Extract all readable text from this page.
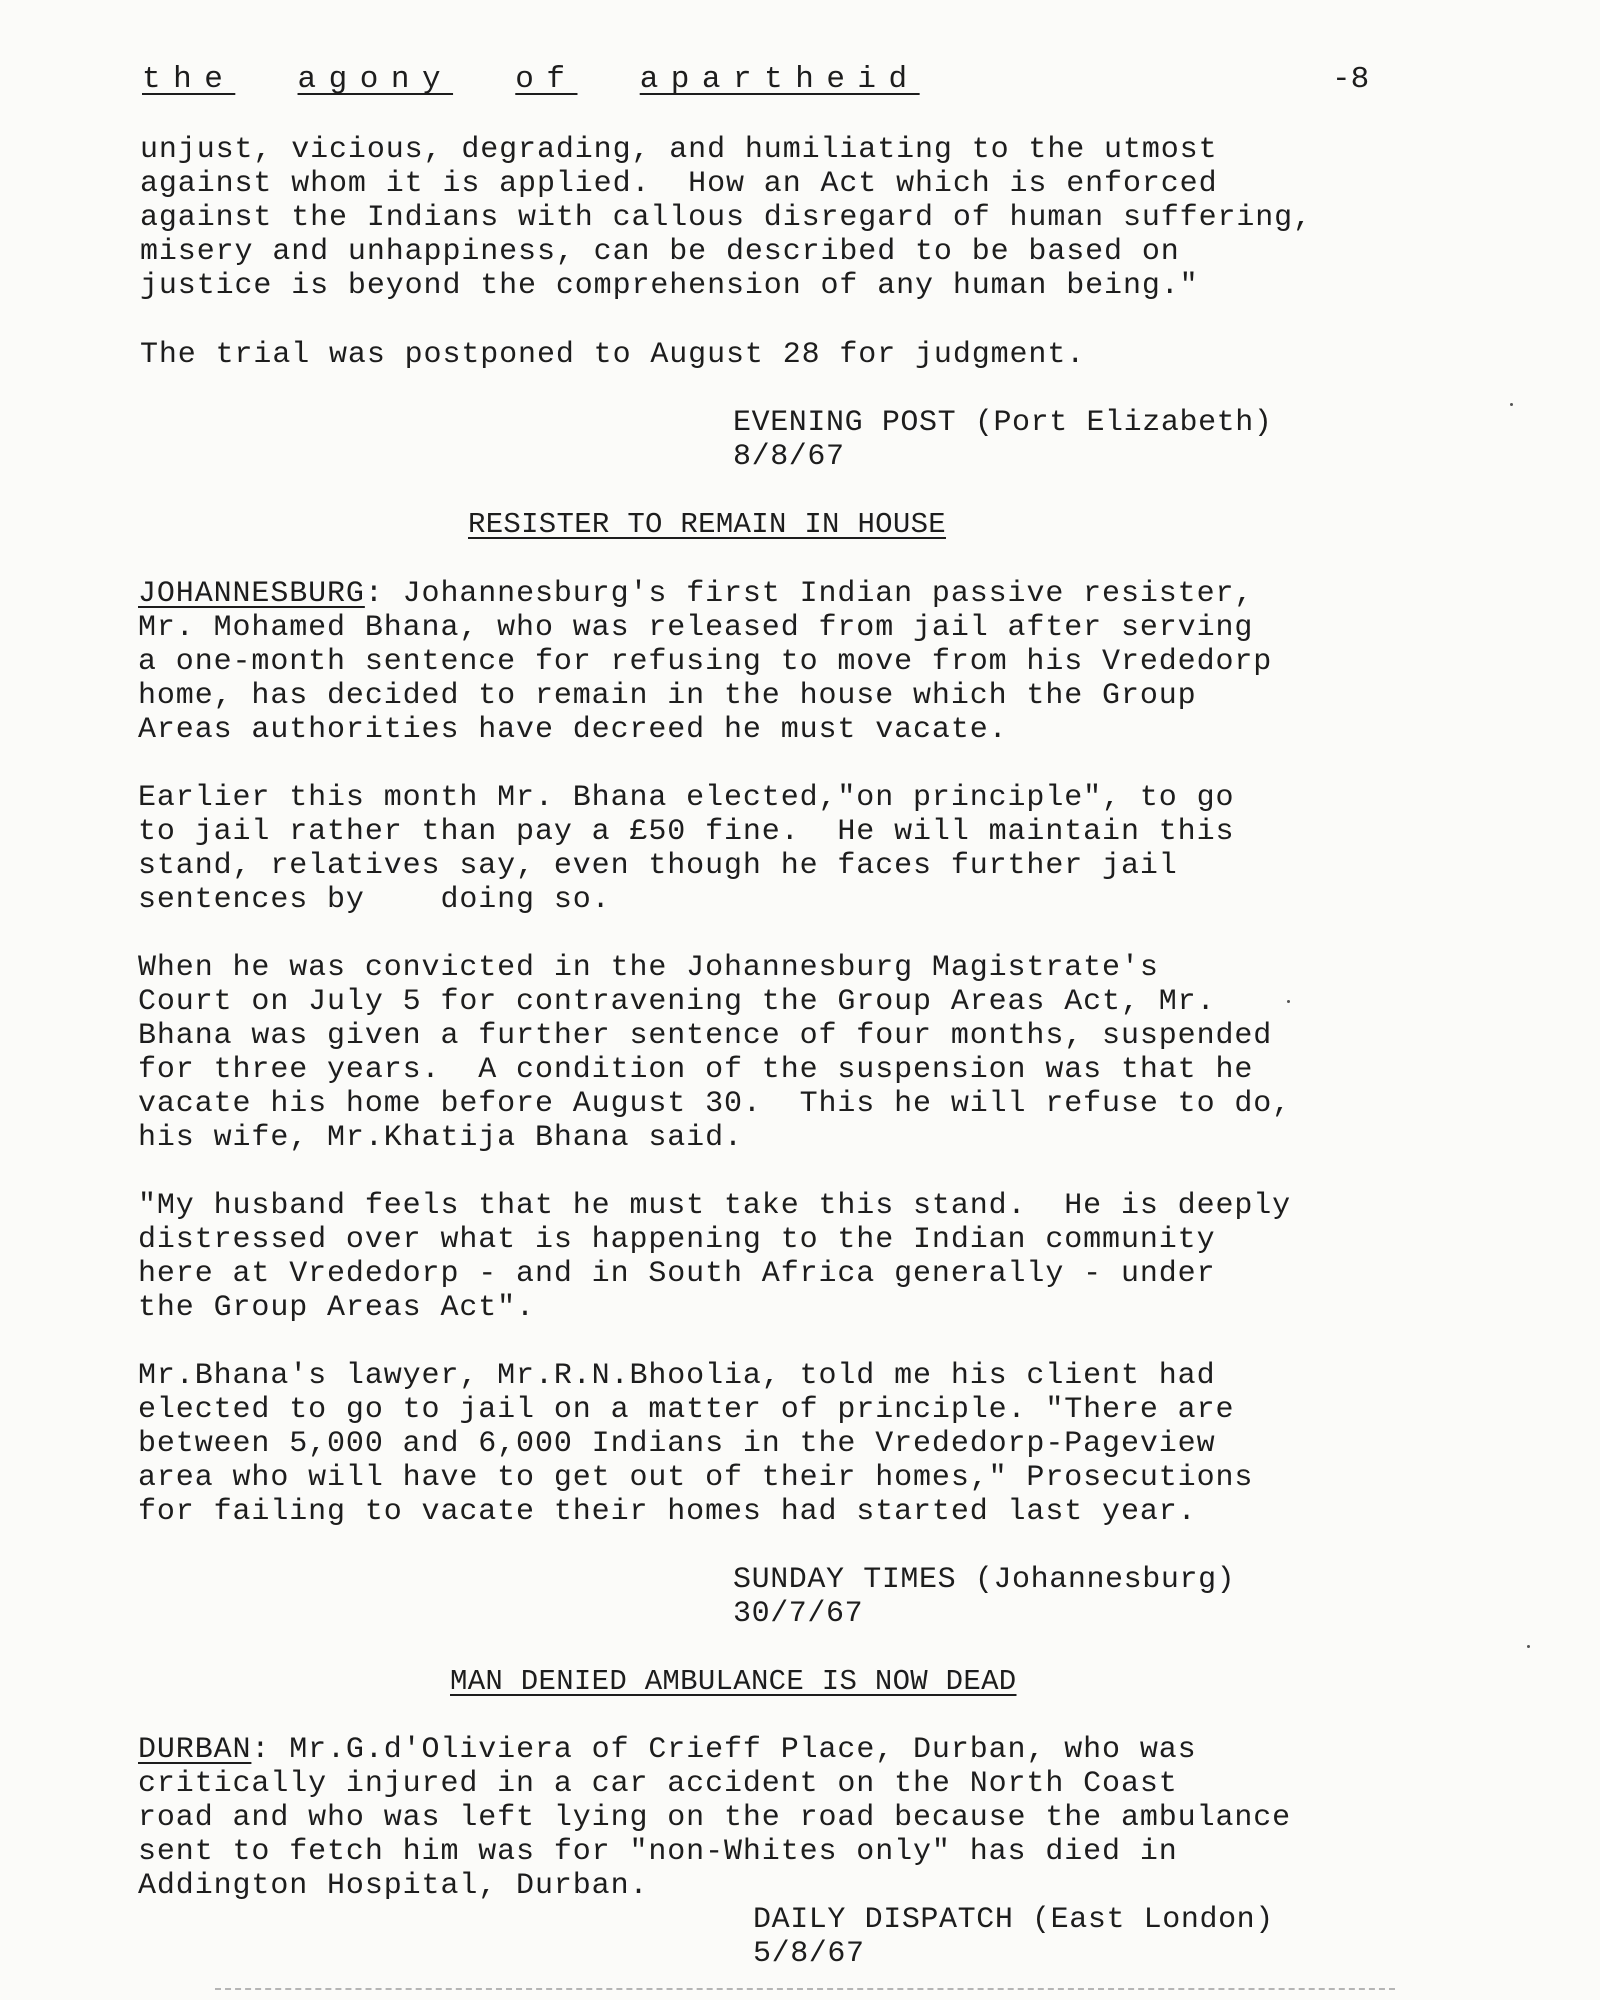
the agony of apartheid	-8
unjust, vicious, degrading, and humiliating to the utmost
against whom it is applied.  How an Act which is enforced
against the Indians with callous disregard of human suffering,
misery and unhappiness, can be described to be based on
justice is beyond the comprehension of any human being."
The trial was postponed to August 28 for judgment.
EVENING POST (Port Elizabeth)
8/8/67
RESISTER TO REMAIN IN HOUSE
JOHANNESBURG: Johannesburg's first Indian passive resister,
Mr. Mohamed Bhana, who was released from jail after serving
a one-month sentence for refusing to move from his Vrededorp
home, has decided to remain in the house which the Group
Areas authorities have decreed he must vacate.
Earlier this month Mr. Bhana elected,"on principle", to go
to jail rather than pay a £50 fine.  He will maintain this
stand, relatives say, even though he faces further jail
sentences by    doing so.
When he was convicted in the Johannesburg Magistrate's
Court on July 5 for contravening the Group Areas Act, Mr.
Bhana was given a further sentence of four months, suspended
for three years.  A condition of the suspension was that he
vacate his home before August 30.  This he will refuse to do,
his wife, Mr.Khatija Bhana said.
"My husband feels that he must take this stand.  He is deeply
distressed over what is happening to the Indian community
here at Vrededorp - and in South Africa generally - under
the Group Areas Act".
Mr.Bhana's lawyer, Mr.R.N.Bhoolia, told me his client had
elected to go to jail on a matter of principle. "There are
between 5,000 and 6,000 Indians in the Vrededorp-Pageview
area who will have to get out of their homes," Prosecutions
for failing to vacate their homes had started last year.
SUNDAY TIMES (Johannesburg)
30/7/67
MAN DENIED AMBULANCE IS NOW DEAD
DURBAN: Mr.G.d'Oliviera of Crieff Place, Durban, who was
critically injured in a car accident on the North Coast
road and who was left lying on the road because the ambulance
sent to fetch him was for "non-Whites only" has died in
Addington Hospital, Durban.
DAILY DISPATCH (East London)
5/8/67
